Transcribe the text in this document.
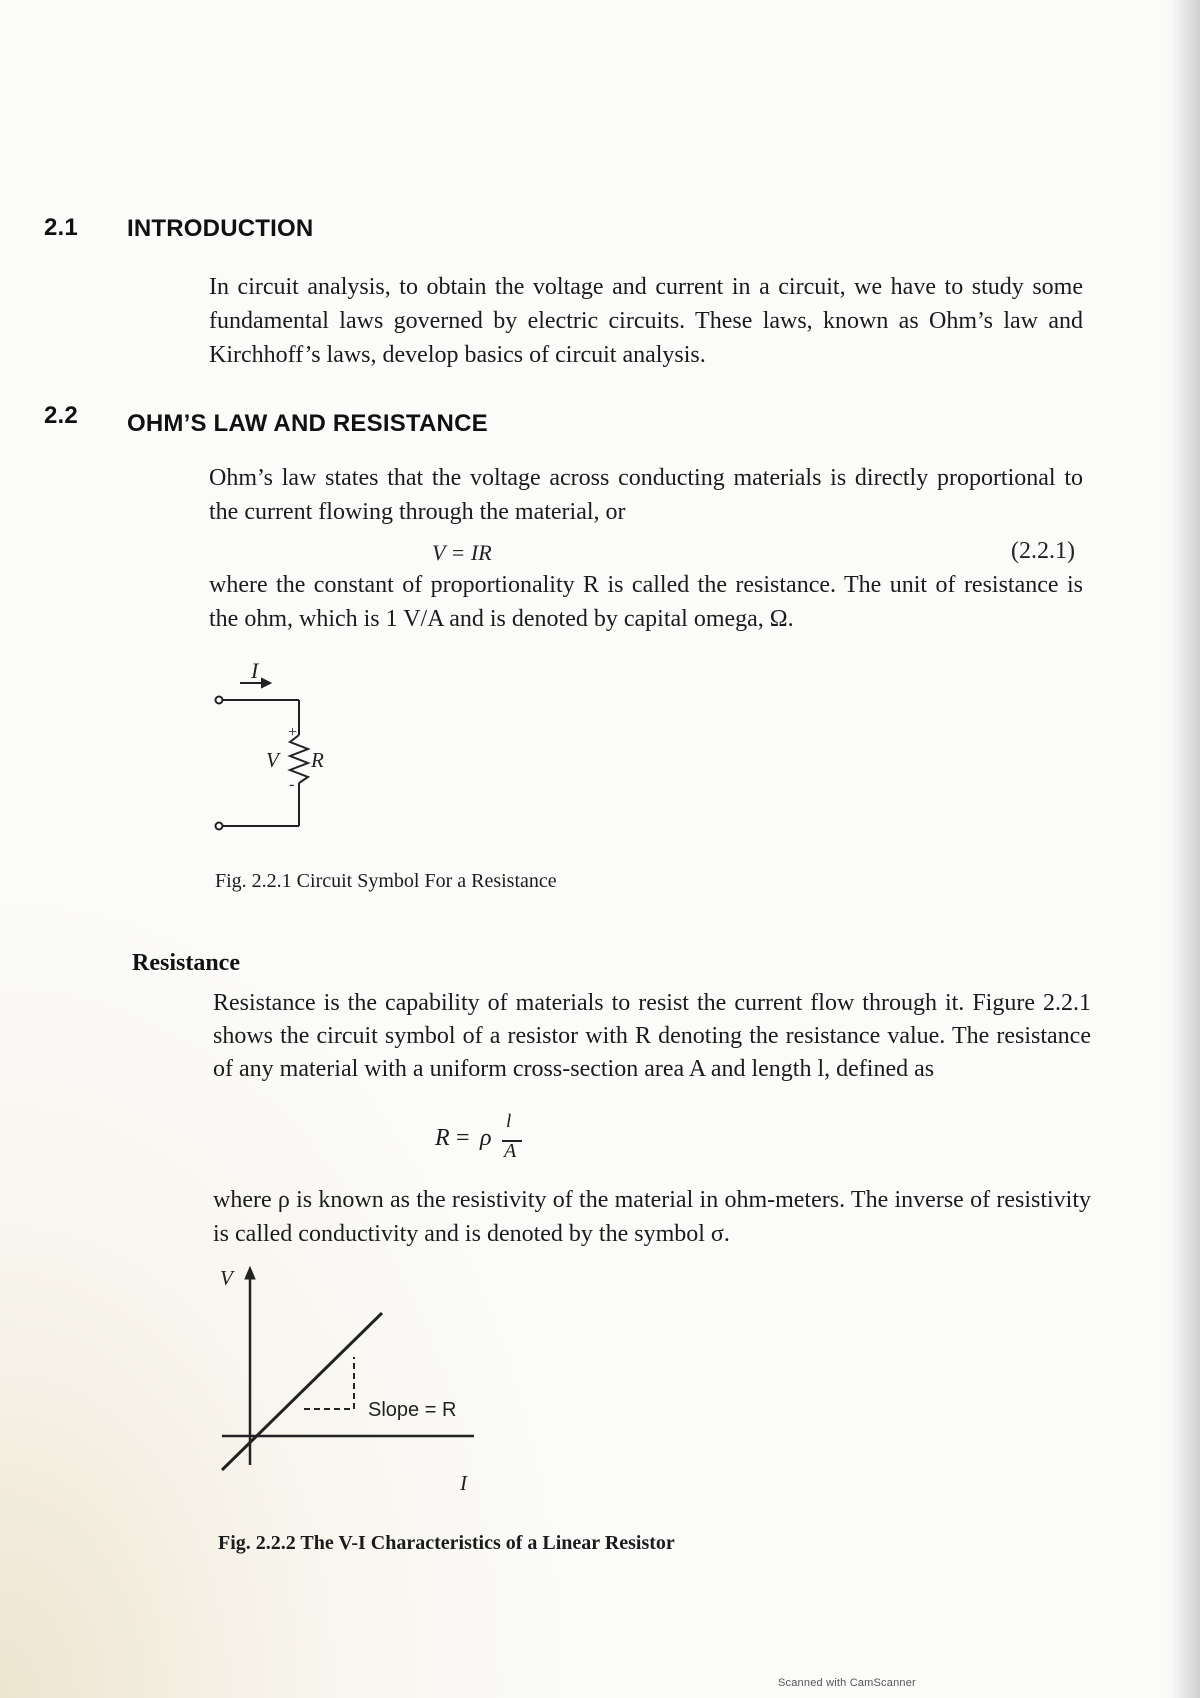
2.1 INTRODUCTION

In circuit analysis, to obtain the voltage and current in a circuit, we have to study some fundamental laws governed by electric circuits. These laws, known as Ohm’s law and Kirchhoff’s laws, develop basics of circuit analysis.

2.2 OHM’S LAW AND RESISTANCE

Ohm’s law states that the voltage across conducting materials is directly proportional to the current flowing through the material, or

V = IR	(2.2.1)

where the constant of proportionality R is called the resistance. The unit of resistance is the ohm, which is 1 V/A and is denoted by capital omega, Ω.

I
+
V R
-
Fig. 2.2.1 Circuit Symbol For a Resistance
Resistance

Resistance is the capability of materials to resist the current flow through it. Figure 2.2.1 shows the circuit symbol of a resistor with R denoting the resistance value. The resistance of any material with a uniform cross-section area A and length l, defined as

R = ρ
l
A

where ρ is known as the resistivity of the material in ohm-meters. The inverse of resistivity is called conductivity and is denoted by the symbol σ.

V
I
Slope = R
Fig. 2.2.2 The V-I Characteristics of a Linear Resistor
Scanned with CamScanner
